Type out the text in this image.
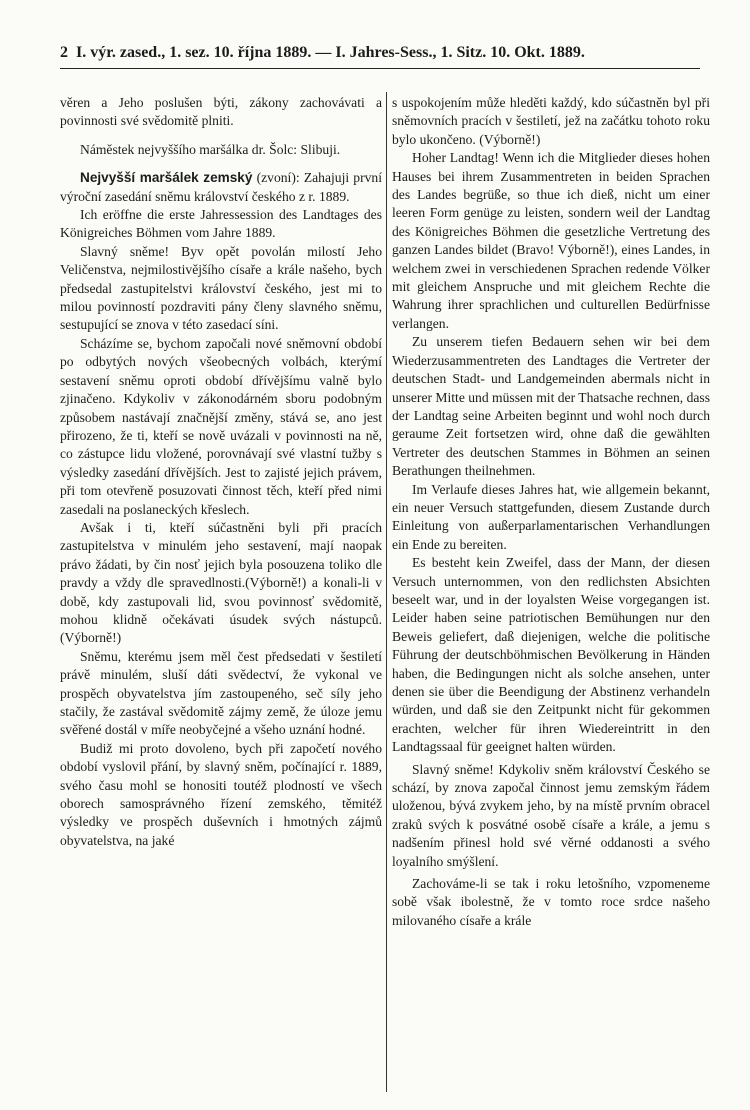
2 I. výr. zased., 1. sez. 10. října 1889. — I. Jahres-Sess., 1. Sitz. 10. Okt. 1889.

věren a Jeho poslušen býti, zákony zachovávati a povinnosti své svědomitě plniti.

Náměstek nejvyššího maršálka dr. Šolc: Slibuji.

Nejvyšší maršálek zemský (zvoní): Zahajuji první výroční zasedání sněmu království českého z r. 1889.

Ich eröffne die erste Jahressession des Landtages des Königreiches Böhmen vom Jahre 1889.

Slavný sněme! Byv opět povolán milostí Jeho Veličenstva, nejmilostivějšího císaře a krále našeho, bych předsedal zastupitelstvi království českého, jest mi to milou povinností pozdraviti pány členy slavného sněmu, sestupující se znova v této zasedací síni.

Scházíme se, bychom započali nové sněmovní období po odbytých nových všeobecných volbách, kterýmí sestavení sněmu oproti období dřívějšímu valně bylo zjinačeno. Kdykoliv v zákonodárném sboru podobným způsobem nastávají značnější změny, stává se, ano jest přirozeno, že ti, kteří se nově uvázali v povinnosti na ně, co zástupce lidu vložené, porovnávají své vlastní tužby s výsledky zasedání dřívějších. Jest to zajisté jejich právem, při tom otevřeně posuzovati činnost těch, kteří před nimi zasedali na poslaneckých křeslech.

Avšak i ti, kteří súčastněni byli při pracích zastupitelstva v minulém jeho sestavení, mají naopak právo žádati, by čin nosť jejich byla posouzena toliko dle pravdy a vždy dle spravedlnosti.(Výborně!) a konali-li v době, kdy zastupovali lid, svou povinnosť svědomitě, mohou klidně očekávati úsudek svých nástupců. (Výborně!)

Sněmu, kterému jsem měl čest předsedati v šestiletí právě minulém, sluší dáti svědectví, že vykonal ve prospěch obyvatelstva jím zastoupeného, seč síly jeho stačily, že zastával svědomitě zájmy země, že úloze jemu svěřené dostál v míře neobyčejné a všeho uznání hodné.

Budiž mi proto dovoleno, bych při započetí nového období vyslovil přání, by slavný sněm, počínající r. 1889, svého času mohl se honositi toutéž plodností ve všech oborech samosprávného řízení zemského, těmitéž výsledky ve prospěch duševních i hmotných zájmů obyvatelstva, na jaké

s uspokojením může hleděti každý, kdo súčastněn byl při sněmovních pracích v šestiletí, jež na začátku tohoto roku bylo ukončeno. (Výborně!)

Hoher Landtag! Wenn ich die Mitglieder dieses hohen Hauses bei ihrem Zusammentreten in beiden Sprachen des Landes begrüße, so thue ich dieß, nicht um einer leeren Form genüge zu leisten, sondern weil der Landtag des Königreiches Böhmen die gesetzliche Vertretung des ganzen Landes bildet (Bravo! Výborně!), eines Landes, in welchem zwei in verschiedenen Sprachen redende Völker mit gleichem Anspruche und mit gleichem Rechte die Wahrung ihrer sprachlichen und culturellen Bedürfnisse verlangen.

Zu unserem tiefen Bedauern sehen wir bei dem Wiederzusammentreten des Landtages die Vertreter der deutschen Stadt- und Landgemeinden abermals nicht in unserer Mitte und müssen mit der Thatsache rechnen, dass der Landtag seine Arbeiten beginnt und wohl noch durch geraume Zeit fortsetzen wird, ohne daß die gewählten Vertreter des deutschen Stammes in Böhmen an seinen Berathungen theilnehmen.

Im Verlaufe dieses Jahres hat, wie allgemein bekannt, ein neuer Versuch stattgefunden, diesem Zustande durch Einleitung von außerparlamentarischen Verhandlungen ein Ende zu bereiten.

Es besteht kein Zweifel, dass der Mann, der diesen Versuch unternommen, von den redlichsten Absichten beseelt war, und in der loyalsten Weise vorgegangen ist. Leider haben seine patriotischen Bemühungen nur den Beweis geliefert, daß diejenigen, welche die politische Führung der deutschböhmischen Bevölkerung in Händen haben, die Bedingungen nicht als solche ansehen, unter denen sie über die Beendigung der Abstinenz verhandeln würden, und daß sie den Zeitpunkt nicht für gekommen erachten, welcher für ihren Wiedereintritt in den Landtagssaal für geeignet halten würden.

Slavný sněme! Kdykoliv sněm království Českého se schází, by znova započal činnost jemu zemským řádem uloženou, bývá zvykem jeho, by na místě prvním obracel zraků svých k posvátné osobě císaře a krále, a jemu s nadšením přinesl hold své věrné oddanosti a svého loyalního smýšlení.

Zachováme-li se tak i roku letošního, vzpomeneme sobě však ibolestně, že v tomto roce srdce našeho milovaného císaře a krále
